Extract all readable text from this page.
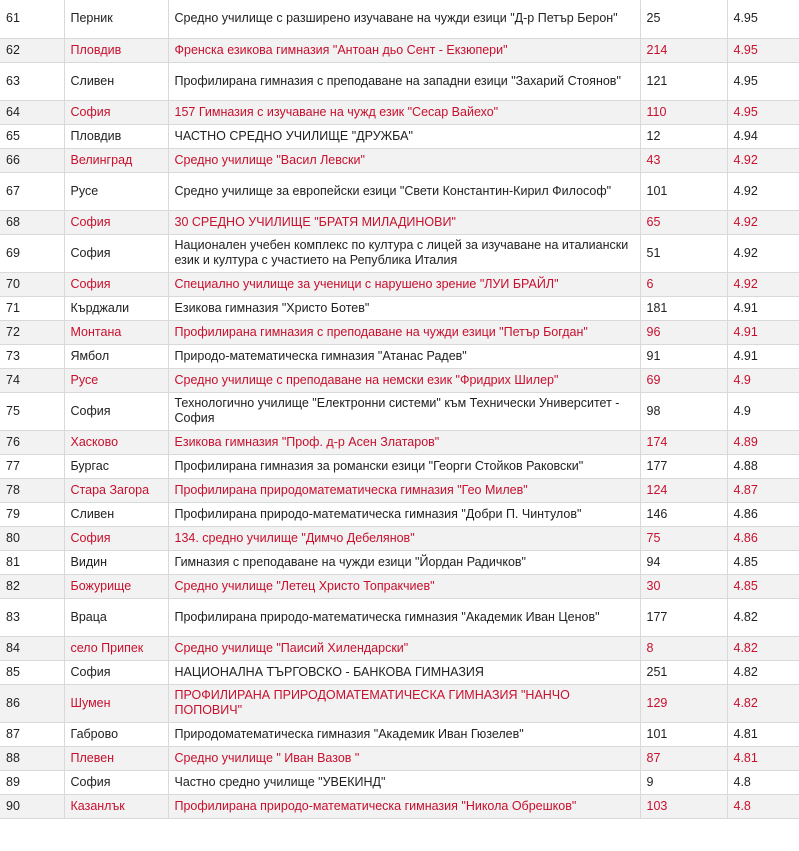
61	Перник	Средно училище с разширено изучаване на чужди езици "Д-р Петър Берон"	25	4.95
62	Пловдив	Френска езикова гимназия "Антоан дьо Сент - Екзюпери"	214	4.95
63	Сливен	Профилирана гимназия с преподаване на западни езици "Захарий Стоянов"	121	4.95
64	София	157 Гимназия с изучаване на чужд език "Сесар Вайехо"	110	4.95
65	Пловдив	ЧАСТНО СРЕДНО УЧИЛИЩЕ "ДРУЖБА"	12	4.94
66	Велинград	Средно училище "Васил Левски"	43	4.92
67	Русе	Средно училище за европейски езици "Свети Константин-Кирил Философ"	101	4.92
68	София	30 СРЕДНО УЧИЛИЩЕ "БРАТЯ МИЛАДИНОВИ"	65	4.92
69	София	Национален учебен комплекс по култура с лицей за изучаване на италиански език и култура с участието на Република Италия	51	4.92
70	София	Специално училище за ученици с нарушено зрение "ЛУИ БРАЙЛ"	6	4.92
71	Кърджали	Езикова гимназия "Христо Ботев"	181	4.91
72	Монтана	Профилирана гимназия с преподаване на чужди езици "Петър Богдан"	96	4.91
73	Ямбол	Природо-математическа гимназия "Атанас Радев"	91	4.91
74	Русе	Средно училище с преподаване на немски език "Фридрих Шилер"	69	4.9
75	София	Технологично училище "Електронни системи" към Технически Университет - София	98	4.9
76	Хасково	Езикова гимназия "Проф. д-р Асен Златаров"	174	4.89
77	Бургас	Профилирана гимназия за романски езици "Георги Стойков Раковски"	177	4.88
78	Стара Загора	Профилирана природоматематическа гимназия "Гео Милев"	124	4.87
79	Сливен	Профилирана природо-математическа гимназия "Добри П. Чинтулов"	146	4.86
80	София	134. средно училище "Димчо Дебелянов"	75	4.86
81	Видин	Гимназия с преподаване на чужди езици "Йордан Радичков"	94	4.85
82	Божурище	Средно училище "Летец Христо Топракчиев"	30	4.85
83	Враца	Профилирана природо-математическа гимназия "Академик Иван Ценов"	177	4.82
84	село Припек	Средно училище "Паисий Хилендарски"	8	4.82
85	София	НАЦИОНАЛНА ТЪРГОВСКО - БАНКОВА ГИМНАЗИЯ	251	4.82
86	Шумен	ПРОФИЛИРАНА ПРИРОДОМАТЕМАТИЧЕСКА ГИМНАЗИЯ "НАНЧО ПОПОВИЧ"	129	4.82
87	Габрово	Природоматематическа гимназия "Академик Иван Гюзелев"	101	4.81
88	Плевен	Средно училище " Иван Вазов "	87	4.81
89	София	Частно средно училище "УВЕКИНД"	9	4.8
90	Казанлък	Профилирана природо-математическа гимназия "Никола Обрешков"	103	4.8
